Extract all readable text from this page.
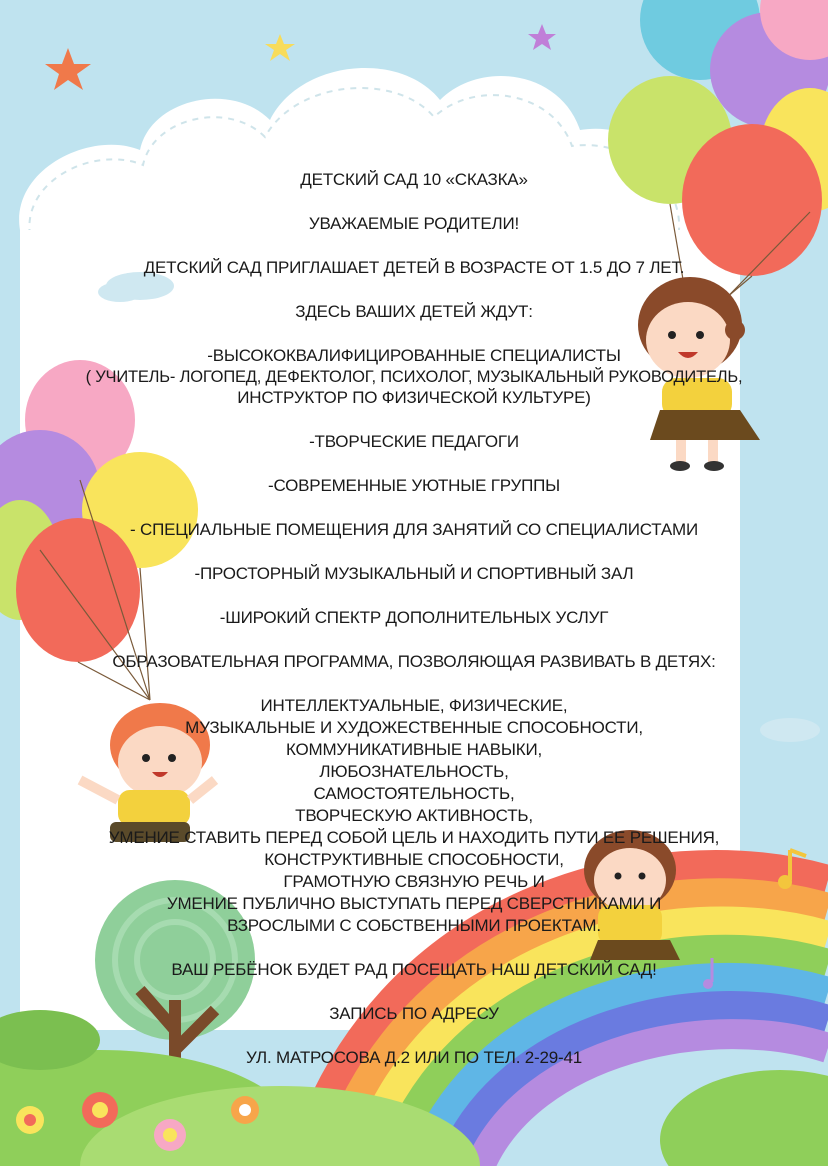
ДЕТСКИЙ САД 10 «СКАЗКА»
УВАЖАЕМЫЕ РОДИТЕЛИ!
ДЕТСКИЙ САД ПРИГЛАШАЕТ ДЕТЕЙ В ВОЗРАСТЕ ОТ 1.5 ДО 7 ЛЕТ.
ЗДЕСЬ ВАШИХ ДЕТЕЙ ЖДУТ:
-ВЫСОКОКВАЛИФИЦИРОВАННЫЕ СПЕЦИАЛИСТЫ
( УЧИТЕЛЬ- ЛОГОПЕД, ДЕФЕКТОЛОГ, ПСИХОЛОГ, МУЗЫКАЛЬНЫЙ РУКОВОДИТЕЛЬ,
ИНСТРУКТОР ПО ФИЗИЧЕСКОЙ КУЛЬТУРЕ)
-ТВОРЧЕСКИЕ ПЕДАГОГИ
-СОВРЕМЕННЫЕ УЮТНЫЕ ГРУППЫ
- СПЕЦИАЛЬНЫЕ ПОМЕЩЕНИЯ ДЛЯ ЗАНЯТИЙ СО СПЕЦИАЛИСТАМИ
-ПРОСТОРНЫЙ МУЗЫКАЛЬНЫЙ И СПОРТИВНЫЙ ЗАЛ
-ШИРОКИЙ СПЕКТР ДОПОЛНИТЕЛЬНЫХ УСЛУГ
ОБРАЗОВАТЕЛЬНАЯ ПРОГРАММА, ПОЗВОЛЯЮЩАЯ РАЗВИВАТЬ В ДЕТЯХ:
ИНТЕЛЛЕКТУАЛЬНЫЕ, ФИЗИЧЕСКИЕ,
МУЗЫКАЛЬНЫЕ И ХУДОЖЕСТВЕННЫЕ СПОСОБНОСТИ,
КОММУНИКАТИВНЫЕ НАВЫКИ,
ЛЮБОЗНАТЕЛЬНОСТЬ,
САМОСТОЯТЕЛЬНОСТЬ,
ТВОРЧЕСКУЮ АКТИВНОСТЬ,
УМЕНИЕ СТАВИТЬ ПЕРЕД СОБОЙ ЦЕЛЬ И НАХОДИТЬ ПУТИ ЕЕ РЕШЕНИЯ,
КОНСТРУКТИВНЫЕ СПОСОБНОСТИ,
ГРАМОТНУЮ СВЯЗНУЮ РЕЧЬ И
УМЕНИЕ ПУБЛИЧНО ВЫСТУПАТЬ ПЕРЕД СВЕРСТНИКАМИ И
ВЗРОСЛЫМИ С СОБСТВЕННЫМИ ПРОЕКТАМ.
ВАШ РЕБЁНОК БУДЕТ РАД ПОСЕЩАТЬ НАШ ДЕТСКИЙ САД!
ЗАПИСЬ ПО АДРЕСУ
УЛ. МАТРОСОВА Д.2 ИЛИ ПО ТЕЛ. 2-29-41
